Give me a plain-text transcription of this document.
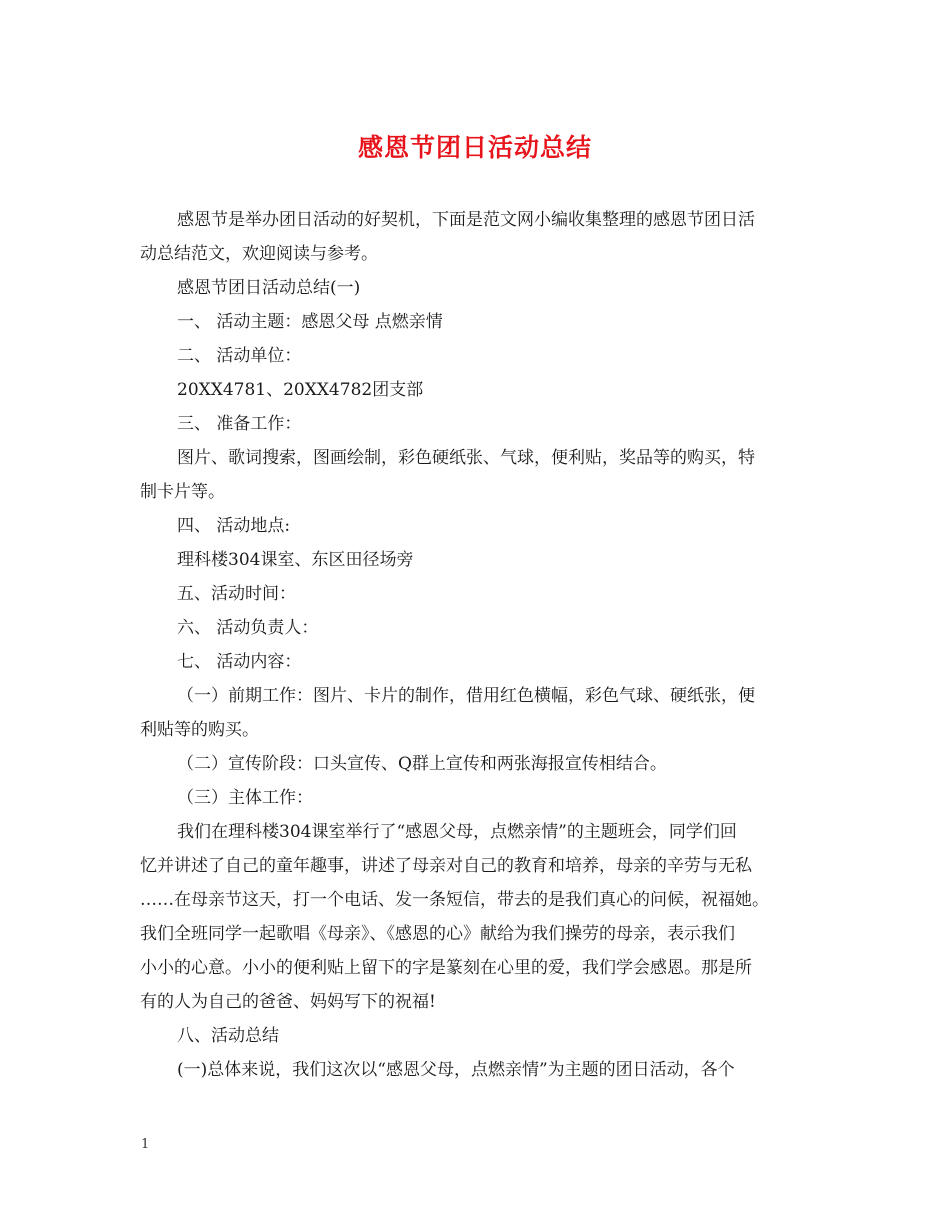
感恩节团日活动总结

感恩节是举办团日活动的好契机，下面是范文网小编收集整理的感恩节团日活

动总结范文，欢迎阅读与参考。

感恩节团日活动总结(一)

一、 活动主题：感恩父母 点燃亲情

二、 活动单位：

20XX4781、20XX4782团支部

三、 准备工作：

图片、歌词搜索，图画绘制，彩色硬纸张、气球，便利贴，奖品等的购买，特

制卡片等。

四、 活动地点:

理科楼304课室、东区田径场旁

五、活动时间：

六、 活动负责人：

七、 活动内容：

（一）前期工作：图片、卡片的制作，借用红色横幅，彩色气球、硬纸张，便

利贴等的购买。

（二）宣传阶段：口头宣传、Q群上宣传和两张海报宣传相结合。

（三）主体工作：

我们在理科楼304课室举行了“感恩父母，点燃亲情”的主题班会，同学们回

忆并讲述了自己的童年趣事，讲述了母亲对自己的教育和培养，母亲的辛劳与无私

……在母亲节这天，打一个电话、发一条短信，带去的是我们真心的问候，祝福她。

我们全班同学一起歌唱《母亲》、《感恩的心》献给为我们操劳的母亲，表示我们

小小的心意。小小的便利贴上留下的字是篆刻在心里的爱，我们学会感恩。那是所

有的人为自己的爸爸、妈妈写下的祝福!

八、活动总结

(一)总体来说，我们这次以“感恩父母，点燃亲情”为主题的团日活动，各个

1
